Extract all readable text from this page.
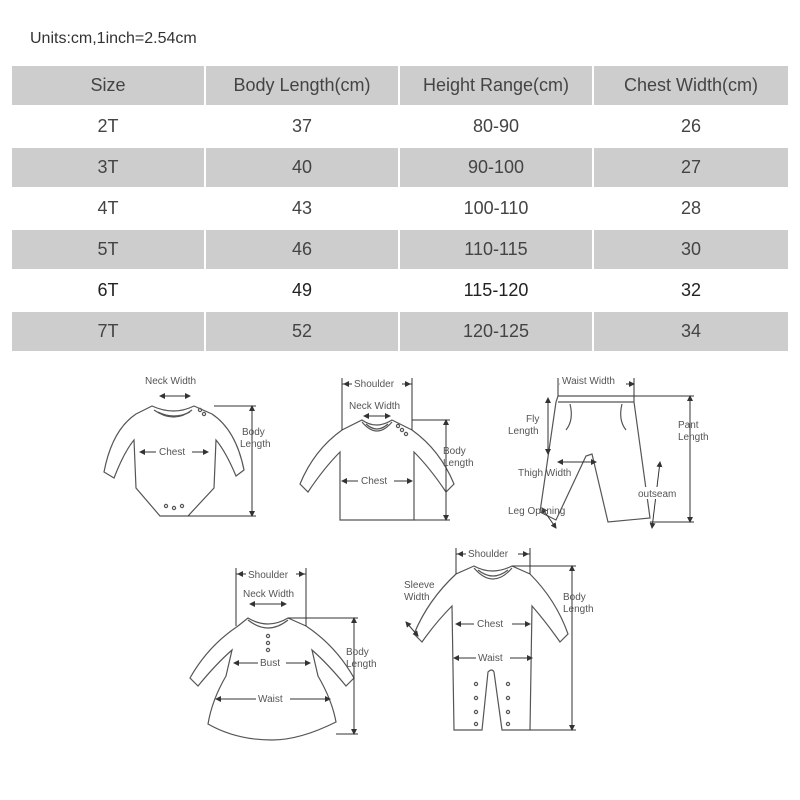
Units:cm,1inch=2.54cm
Size	Body Length(cm)	Height Range(cm)	Chest Width(cm)
2T	37	80-90	26
3T	40	90-100	27
4T	43	100-110	28
5T	46	110-115	30
6T	49	115-120	32
7T	52	120-125	34
Neck Width
Chest
Body
Length
Shoulder
Neck Width
Chest
Body
Length
Waist Width
Fly
Length
Pant
Length
Thigh Width
outseam
Leg Opening
Shoulder
Neck Width
Bust
Waist
Body
Length
Shoulder
Sleeve
Width
Chest
Waist
Body
Length
